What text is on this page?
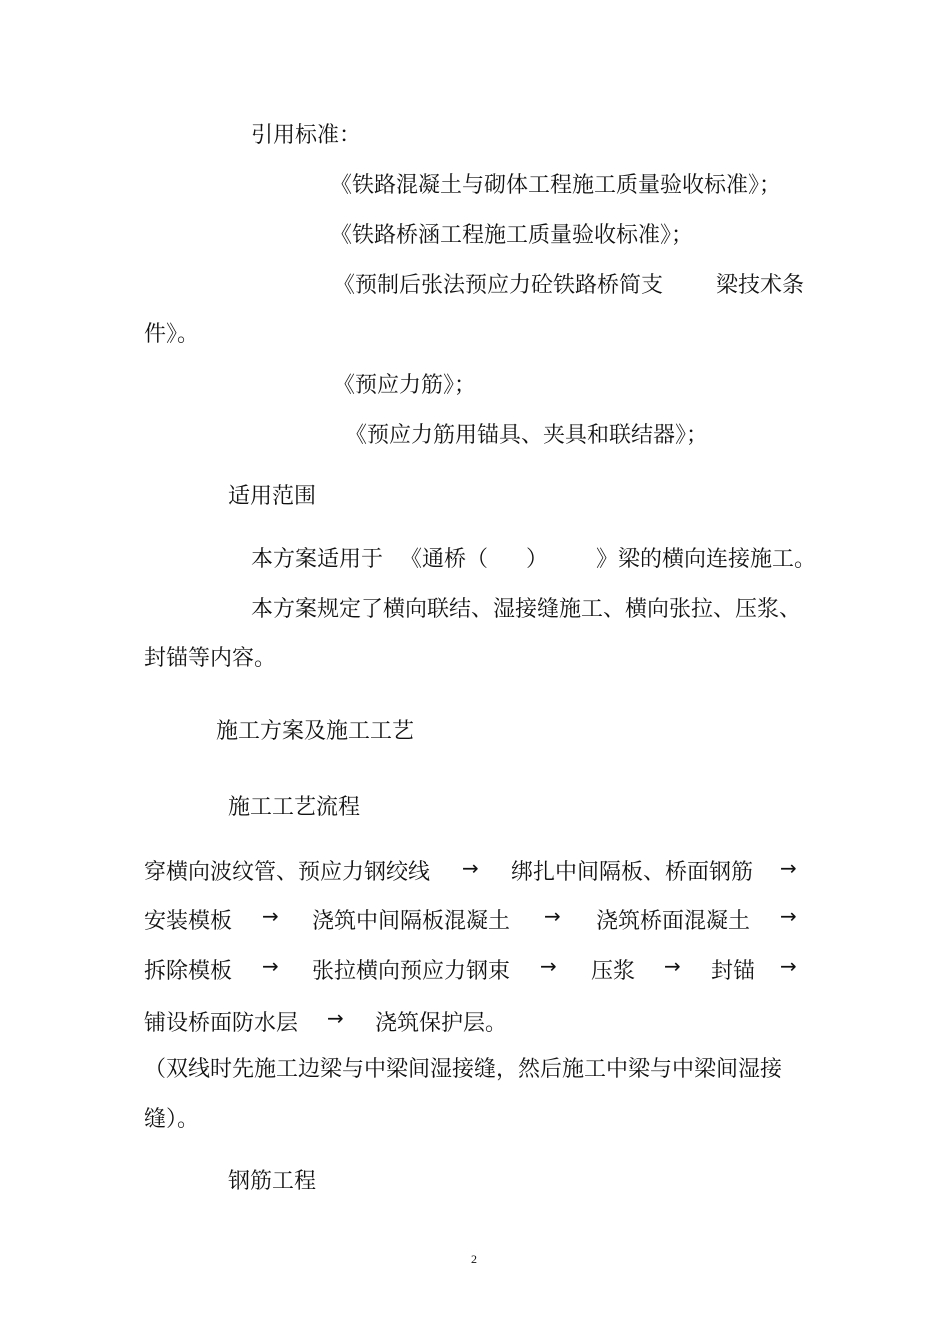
引用标准：
《铁路混凝土与砌体工程施工质量验收标准》；
《铁路桥涵工程施工质量验收标准》；
《预制后张法预应力砼铁路桥简支 梁技术条
件》。
《预应力筋》；
《预应力筋用锚具、夹具和联结器》；
适用范围
本方案适用于 《通桥（ ） 》梁的横向连接施工。
本方案规定了横向联结、湿接缝施工、横向张拉、压浆、
封锚等内容。
施工方案及施工工艺
施工工艺流程
穿横向波纹管、预应力钢绞线 → 绑扎中间隔板、桥面钢筋 →
安装模板 → 浇筑中间隔板混凝土 → 浇筑桥面混凝土 →
拆除模板 → 张拉横向预应力钢束 → 压浆 → 封锚 →
铺设桥面防水层 → 浇筑保护层。
（双线时先施工边梁与中梁间湿接缝，然后施工中梁与中梁间湿接
缝）。
钢筋工程
2
